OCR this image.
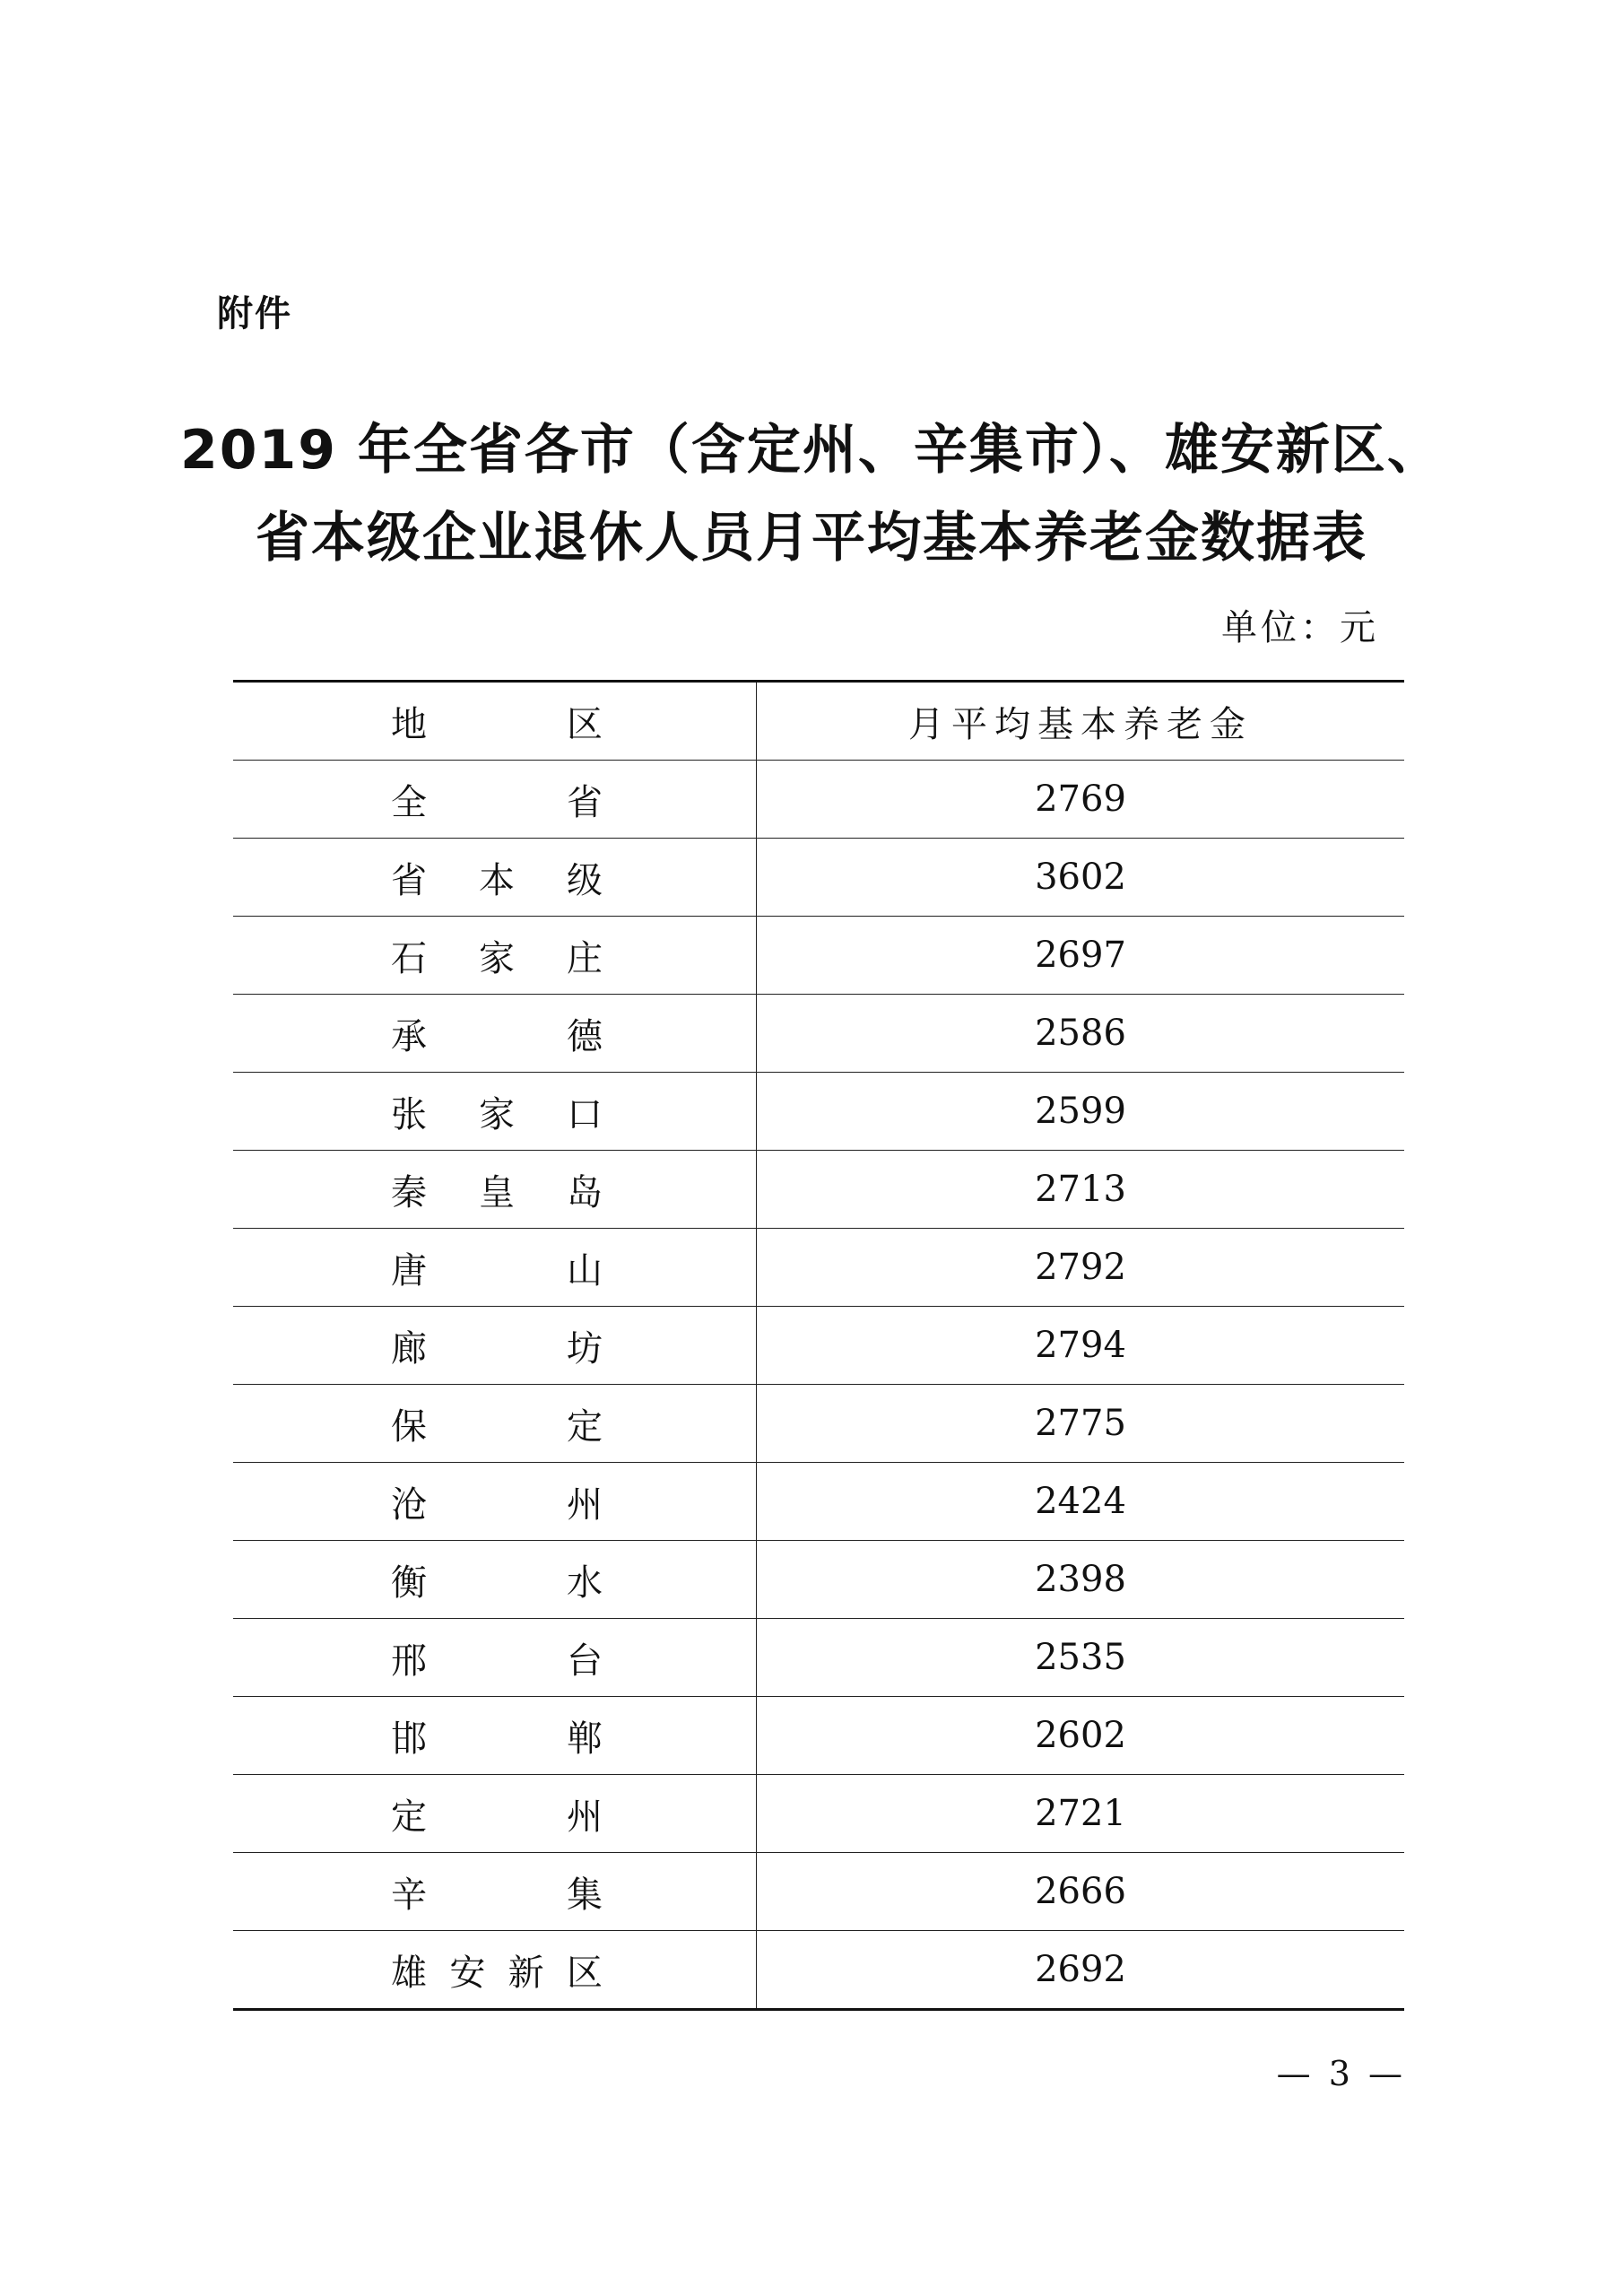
附件
2019 年全省各市（含定州、辛集市）、雄安新区、
省本级企业退休人员月平均基本养老金数据表
单位：元
地 区	月平均基本养老金

全 省	2769

省 本 级	3602

石 家 庄	2697

承 德	2586

张 家 口	2599

秦 皇 岛	2713

唐 山	2792

廊 坊	2794

保 定	2775

沧 州	2424

衡 水	2398

邢 台	2535

邯 郸	2602

定 州	2721

辛 集	2666

雄 安 新 区	2692
— 3 —
